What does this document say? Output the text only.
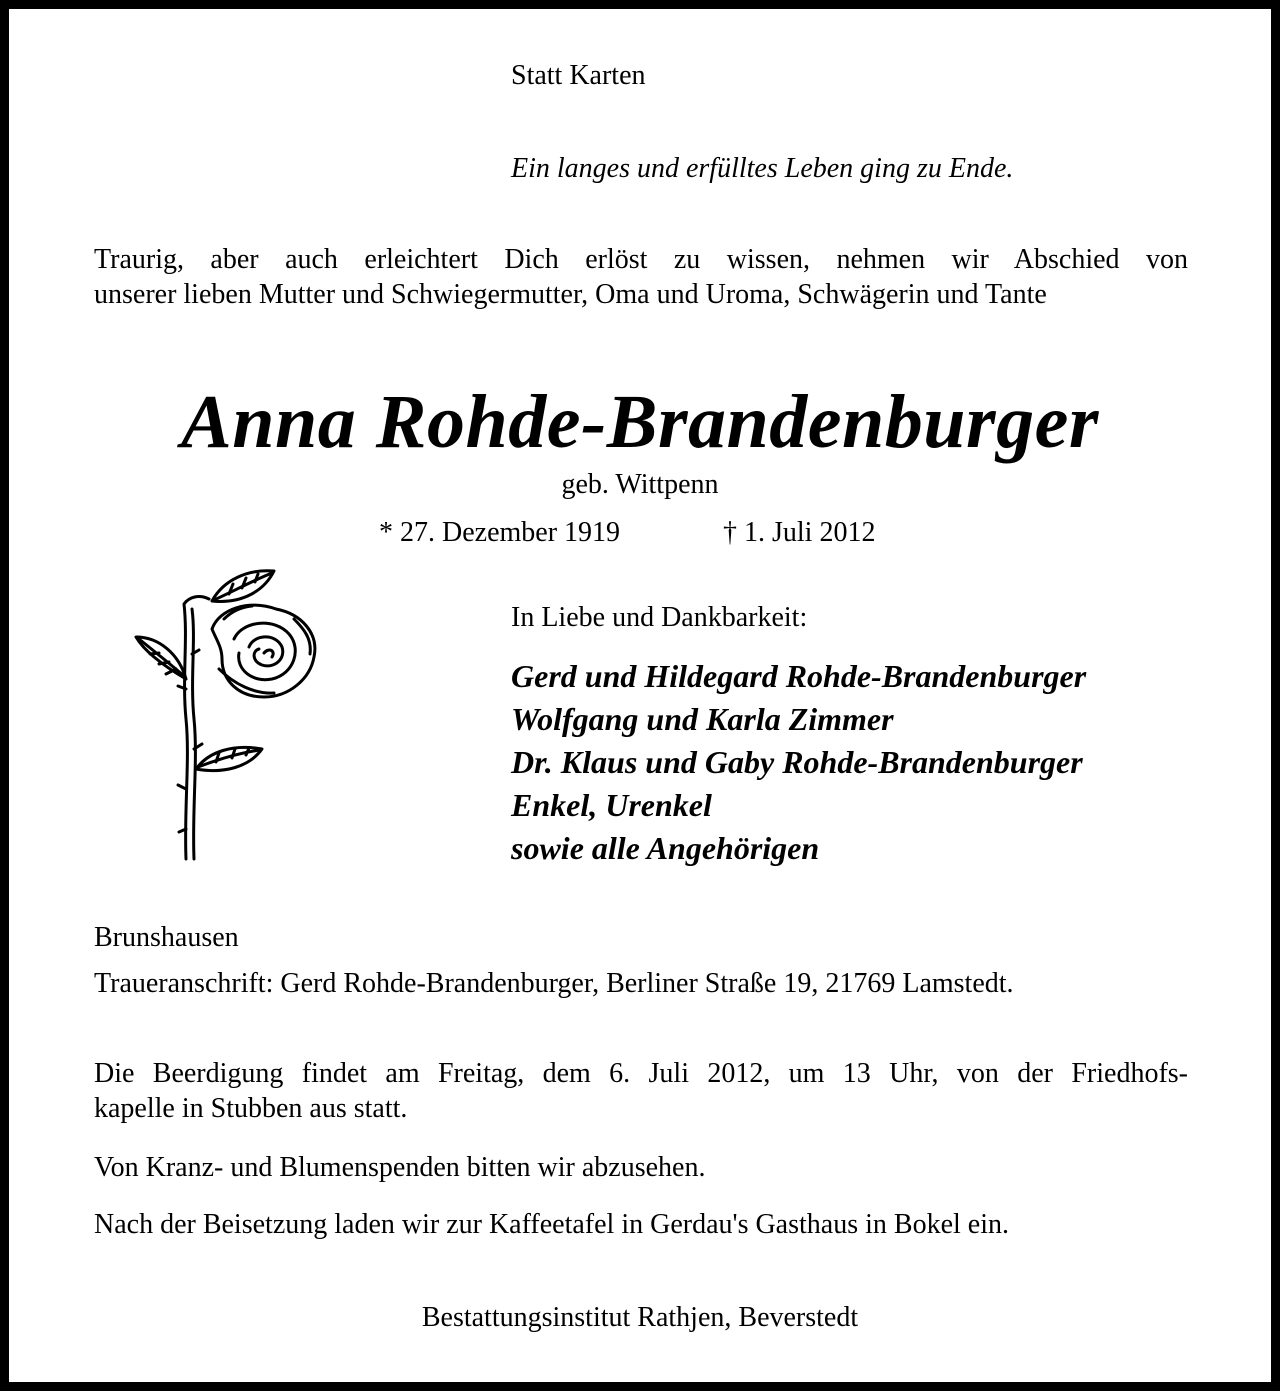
Statt Karten
Ein langes und erfülltes Leben ging zu Ende.
Traurig, aber auch erleichtert Dich erlöst zu wissen, nehmen wir Abschied von
unserer lieben Mutter und Schwiegermutter, Oma und Uroma, Schwägerin und Tante
Anna Rohde-Brandenburger
geb. Wittpenn
* 27. Dezember 1919	† 1. Juli 2012
In Liebe und Dankbarkeit:
Gerd und Hildegard Rohde-Brandenburger
Wolfgang und Karla Zimmer
Dr. Klaus und Gaby Rohde-Brandenburger
Enkel, Urenkel
sowie alle Angehörigen
Brunshausen
Traueranschrift: Gerd Rohde-Brandenburger, Berliner Straße 19, 21769 Lamstedt.
Die Beerdigung findet am Freitag, dem 6. Juli 2012, um 13 Uhr, von der Friedhofs-
kapelle in Stubben aus statt.
Von Kranz- und Blumenspenden bitten wir abzusehen.
Nach der Beisetzung laden wir zur Kaffeetafel in Gerdau's Gasthaus in Bokel ein.
Bestattungsinstitut Rathjen, Beverstedt
